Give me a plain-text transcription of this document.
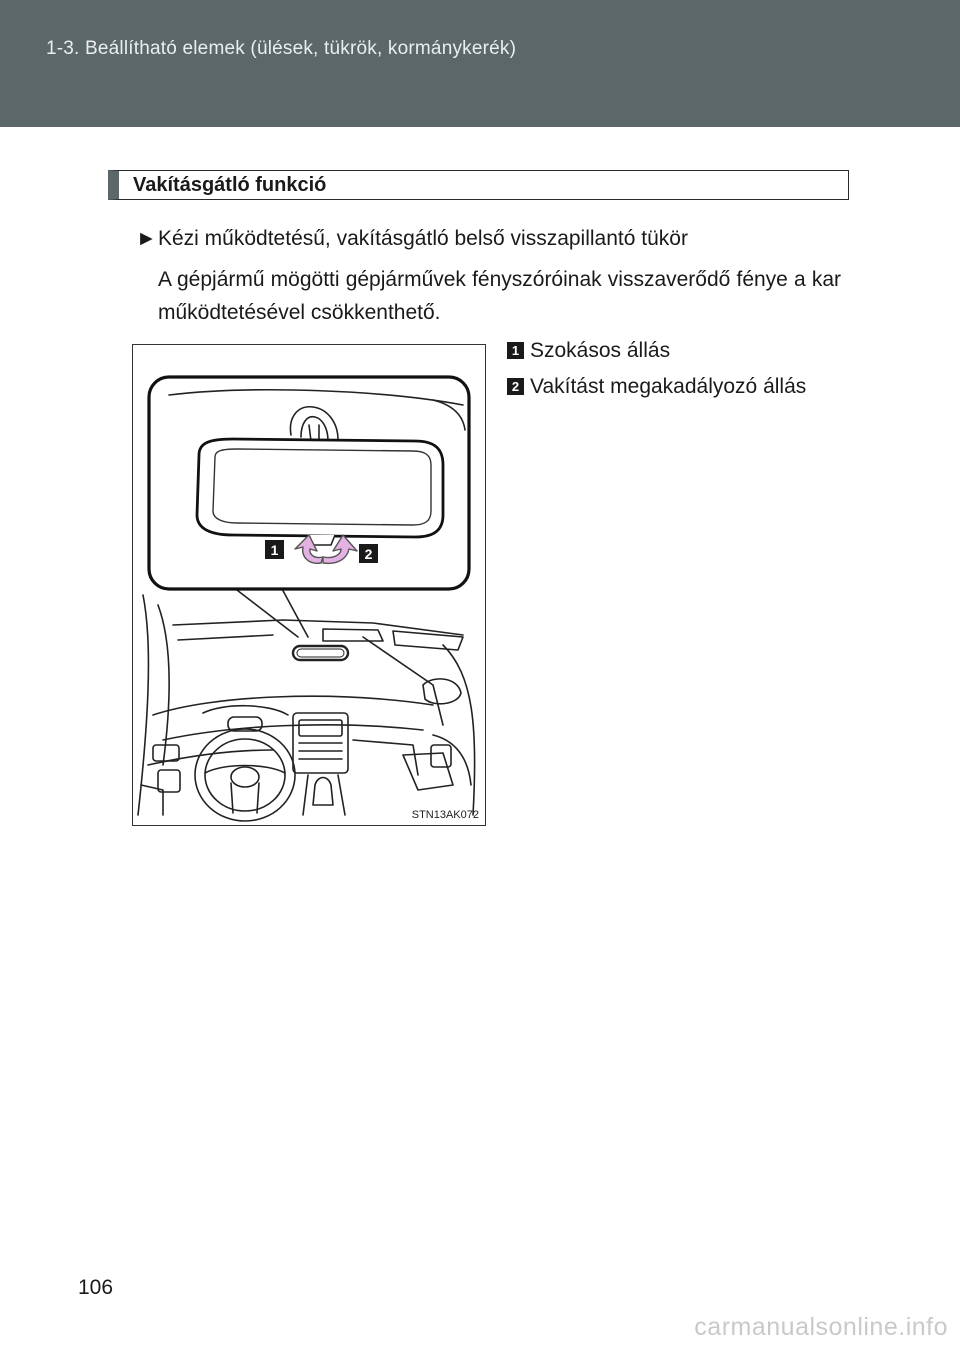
1-3. Beállítható elemek (ülések, tükrök, kormánykerék)
Vakításgátló funkció
►Kézi működtetésű, vakításgátló belső visszapillantó tükör
A gépjármű mögötti gépjárművek fényszóróinak visszaverődő fénye a kar működtetésével csökkenthető.
1 Szokásos állás
2 Vakítást megakadályozó állás
1	2
STN13AK072
106
carmanualsonline.info
